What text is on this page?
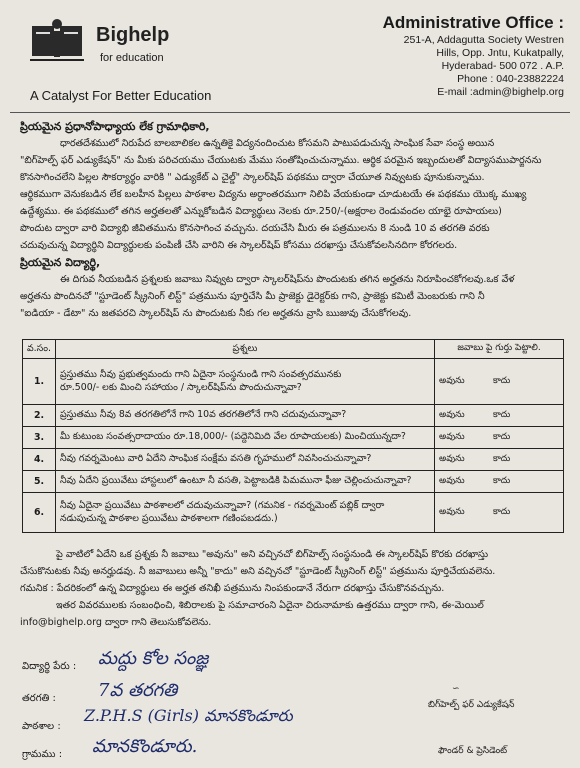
Bighelp
for education
A Catalyst For Better Education
Administrative Office :
251-A, Addagutta Society Westren
Hills, Opp. Jntu, Kukatpally,
Hyderabad- 500 072 . A.P.
Phone : 040-23882224
E-mail :admin@bighelp.org
ప్రియమైన ప్రధానోపాధ్యాయ లేక గ్రామాధికారి,
ధారతదేశములో నిరుపేద బాలబాలికల ఉన్నతికై విద్యనందించుట కోసమని పాటుపడుచున్న సాంఘిక సేవా సంస్థ అయిన
"బిగ్‌హెల్ప్ ఫర్ ఎడ్యుకేషన్" ను మీకు పరిచయము చేయుటకు మేము సంతోషించుచున్నాము. ఆర్థిక పరమైన ఇబ్బందులతో విద్యాసముపార్జనను
కొనసాగించలేని పిల్లల సౌకర్యార్థం వారికి " ఎడ్యుకేట్ ఎ చైల్డ్" స్కాలర్‌షిప్ పథకము ద్వారా చేయూత నివ్వుటకు పూనుకున్నాము.
ఆర్థికముగా వెనుకబడిన లేక బలహీన పిల్లలు పాఠశాల విద్యను అర్ధాంతరముగా నిలిపి వేయకుండా చూడుటయే ఈ పథకము యొక్క ముఖ్య
ఉద్దేశ్యము. ఈ పథకములో తగిన అర్హతలతో ఎన్నుకోబడిన విద్యార్థులు నెలకు రూ.250/-(అక్షరాల రెండువందల యాభై రూపాయలు)
పొందుట ద్వారా వారి విద్యాభి జీవితమును కొనసాగించ వచ్చును. దయచేసి మీరు ఈ పత్రములను 8 నుండి 10 వ తరగతి వరకు
చదువుచున్న విద్యార్థిని విద్యార్థులకు పంపిణీ చేసి వారిని ఈ స్కాలర్‌షిప్ కోసము దరఖాస్తు చేసుకోవలసినదిగా కోరగలరు.
ప్రియమైన విద్యార్థి,
ఈ దిగువ నీయబడిన ప్రశ్నలకు జవాబు నివ్వుట ద్వారా స్కాలర్‌షిప్‌ను పొందుటకు తగిన అర్హతను నిరూపించకోగలవు.ఒక వేళ
అర్హతను పొందినచో "స్టూడెంట్ స్క్రీనింగ్ లిస్ట్" పత్రమును పూర్తిచేసి మీ ప్రాజెక్టు డైరెక్టర్‌కు గాని, ప్రాజెక్టు కమిటీ మెంబరుకు గాని నీ
"ఐడియా - డేటా" ను జతపరచి స్కాలర్‌షిప్ ను పొందుటకు నీకు గల అర్హతను వ్రాసి ఋజువు చేసుకోగలవు.
వ.సం.	ప్రశ్నలు	జవాబు పై గుర్తు పెట్టాలి.
1.	ప్రస్తుతము నీవు ప్రభుత్వమందు గాని ఏదైనా సంస్థనుండి గాని సంవత్సరమునకు
రూ.500/- లకు మించి సహాయం / స్కాలర్‌షిప్‌ను పొందుచున్నావా?	అవును కాదు
2.	ప్రస్తుతము నీవు 8వ తరగతిలోనే గాని 10వ తరగతిలోనే గాని చదువుచున్నావా?	అవును కాదు
3.	మీ కుటుంబ సంవత్సరాదాయం రూ.18,000/- (పద్దెనిమిది వేల రూపాయలకు) మించియున్నదా?	అవును కాదు
4.	నీవు గవర్నమెంటు వారి ఏదేని సాంఘిక సంక్షేమ వసతి గృహములో నివసించుచున్నావా?	అవును కాదు
5.	నీవు ఏదేని ప్రయివేటు హాస్టలులో ఉంటూ నీ వసతి, పెట్టాబడికి పిమమునా ఫీజు చెల్లించుచున్నావా?	అవును కాదు
6.	నీవు ఏదైనా ప్రయివేటు పాఠశాలలో చదువుచున్నావా? (గమనిక - గవర్నమెంట్ పబ్లిక్ ద్వారా
నడుపుచున్న పాఠశాల ప్రయివేటు పాఠశాలగా గణింపబడదు.)	అవును కాదు
పై వాటిలో ఏదేని ఒక ప్రశ్నకు నీ జవాబు "అవును" అని వచ్చినచో బిగ్‌హెల్ప్ సంస్థనుండి ఈ స్కాలర్‌షిప్ కొరకు దరఖాస్తు
చేసుకొనుటకు నీవు అనర్హుడవు. నీ జవాబులు అన్నీ "కాదు" అని వచ్చినచో "స్టూడెంట్ స్క్రీనింగ్ లిస్ట్" పత్రమును పూర్తిచేయవలెను.
గమనిక : పేదరికంలో ఉన్న విద్యార్థులు ఈ అర్హత తనిఖీ పత్రమును నింపకుండానే నేరుగా దరఖాస్తు చేసుకొనవచ్చును.
ఇతర వివరములకు సంబంధించి, శిబిరాలకు పై సమాచారంని ఏదైనా చిరునామాకు ఉత్తరము ద్వారా గాని, ఈ-మెయిల్
info@bighelp.org ద్వారా గాని తెలుసుకోవలెను.
విద్యార్థి పేరు : మద్దు కోల సంజ్ఞ
తరగతి : 7వ తరగతి
పాఠశాల :
Z.P.H.S (Girls) మానకొండూరు
గ్రామము : మానకొండూరు.
∽
బిగ్‌హెల్ప్ ఫర్ ఎడ్యుకేషన్
ఫౌండర్ & ప్రెసిడెంట్
